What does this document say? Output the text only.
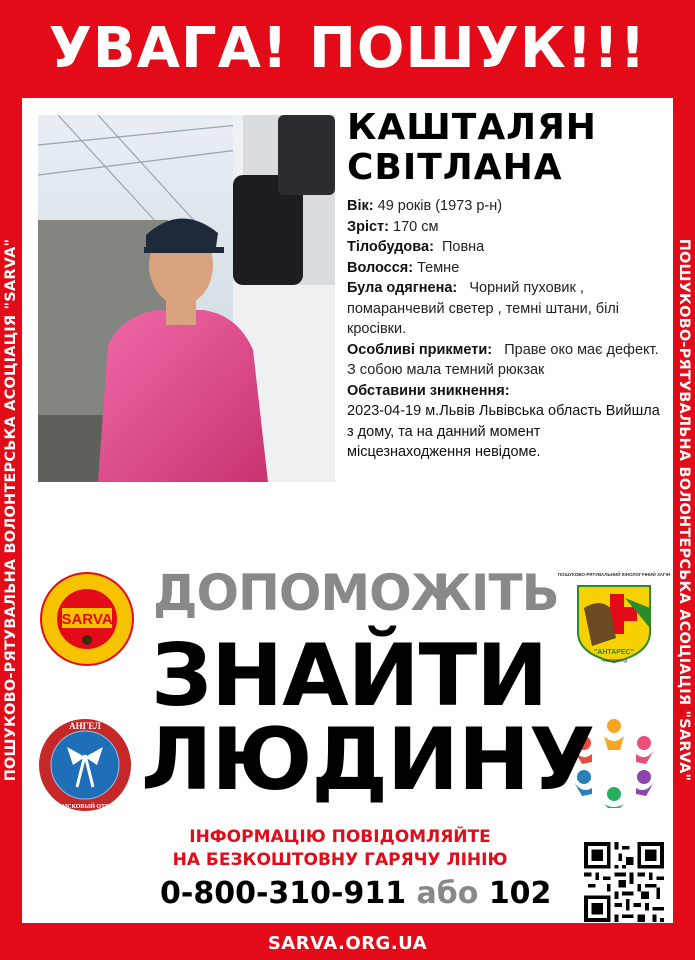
УВАГА! ПОШУК!!!
ПОШУКОВО-РЯТУВАЛЬНА ВОЛОНТЕРСЬКА АСОЦІАЦІЯ "SARVA"	ПОШУКОВО-РЯТУВАЛЬНА ВОЛОНТЕРСЬКА АСОЦІАЦІЯ "SARVA"
КАШТАЛЯН
СВІТЛАНА
Вік: 49 років (1973 р-н)
Зріст: 170 см
Тілобудова: Повна
Волосся: Темне
Була одягнена: Чорний пуховик , помаранчевий светер , темні штани, білі кросівки.
Особливі прикмети: Праве око має дефект. З собою мала темний рюкзак
Обставини зникнення:
2023-04-19 м.Львів Львівська область Вийшла з дому, та на данний момент місцезнаходження невідоме.
SARVA
АНГЕЛ
ПОИСКОВЫЙ ОТРЯД
ПОШУКОВО-РЯТУВАЛЬНИЙ КІНОЛОГІЧНИЙ ЗАГІН
"АНТАРЕС"
ЧАКОВГРАД
ДОПОМОЖІТЬ
ЗНАЙТИ
ЛЮДИНУ
ІНФОРМАЦІЮ ПОВІДОМЛЯЙТЕ
НА БЕЗКОШТОВНУ ГАРЯЧУ ЛІНІЮ
0-800-310-911 або 102
SARVA.ORG.UA
